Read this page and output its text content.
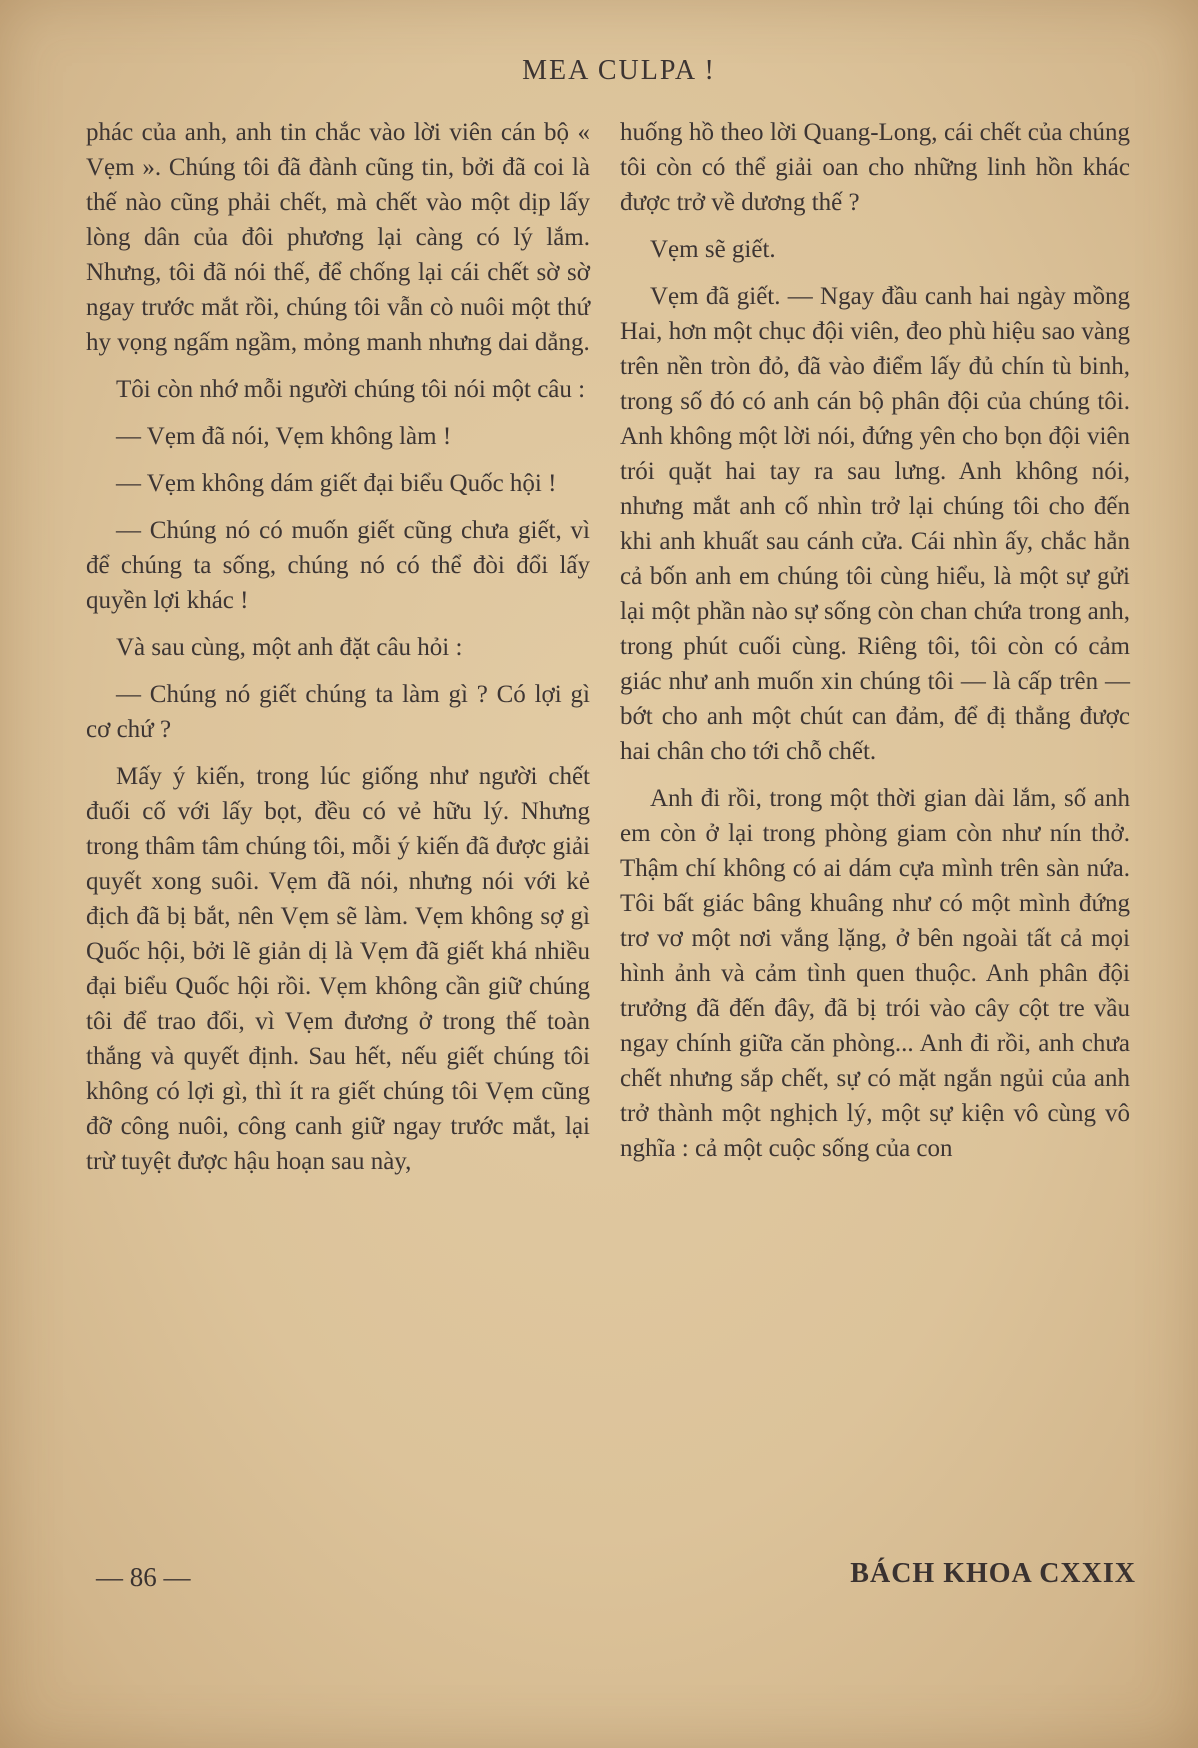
MEA CULPA !

phác của anh, anh tin chắc vào lời viên cán bộ « Vẹm ». Chúng tôi đã đành cũng tin, bởi đã coi là thế nào cũng phải chết, mà chết vào một dịp lấy lòng dân của đôi phương lại càng có lý lắm. Nhưng, tôi đã nói thế, để chống lại cái chết sờ sờ ngay trước mắt rồi, chúng tôi vẫn cò nuôi một thứ hy vọng ngấm ngầm, mỏng manh nhưng dai dẳng.

Tôi còn nhớ mỗi người chúng tôi nói một câu :

— Vẹm đã nói, Vẹm không làm !

— Vẹm không dám giết đại biểu Quốc hội !

— Chúng nó có muốn giết cũng chưa giết, vì để chúng ta sống, chúng nó có thể đòi đổi lấy quyền lợi khác !

Và sau cùng, một anh đặt câu hỏi :

— Chúng nó giết chúng ta làm gì ? Có lợi gì cơ chứ ?

Mấy ý kiến, trong lúc giống như người chết đuối cố với lấy bọt, đều có vẻ hữu lý. Nhưng trong thâm tâm chúng tôi, mỗi ý kiến đã được giải quyết xong suôi. Vẹm đã nói, nhưng nói với kẻ địch đã bị bắt, nên Vẹm sẽ làm. Vẹm không sợ gì Quốc hội, bởi lẽ giản dị là Vẹm đã giết khá nhiều đại biểu Quốc hội rồi. Vẹm không cần giữ chúng tôi để trao đổi, vì Vẹm đương ở trong thế toàn thắng và quyết định. Sau hết, nếu giết chúng tôi không có lợi gì, thì ít ra giết chúng tôi Vẹm cũng đỡ công nuôi, công canh giữ ngay trước mắt, lại trừ tuyệt được hậu hoạn sau này,

huống hồ theo lời Quang-Long, cái chết của chúng tôi còn có thể giải oan cho những linh hồn khác được trở về dương thế ?

Vẹm sẽ giết.

Vẹm đã giết. — Ngay đầu canh hai ngày mồng Hai, hơn một chục đội viên, đeo phù hiệu sao vàng trên nền tròn đỏ, đã vào điểm lấy đủ chín tù binh, trong số đó có anh cán bộ phân đội của chúng tôi. Anh không một lời nói, đứng yên cho bọn đội viên trói quặt hai tay ra sau lưng. Anh không nói, nhưng mắt anh cố nhìn trở lại chúng tôi cho đến khi anh khuất sau cánh cửa. Cái nhìn ấy, chắc hẳn cả bốn anh em chúng tôi cùng hiểu, là một sự gửi lại một phần nào sự sống còn chan chứa trong anh, trong phút cuối cùng. Riêng tôi, tôi còn có cảm giác như anh muốn xin chúng tôi — là cấp trên — bớt cho anh một chút can đảm, để đị thẳng được hai chân cho tới chỗ chết.

Anh đi rồi, trong một thời gian dài lắm, số anh em còn ở lại trong phòng giam còn như nín thở. Thậm chí không có ai dám cựa mình trên sàn nứa. Tôi bất giác bâng khuâng như có một mình đứng trơ vơ một nơi vắng lặng, ở bên ngoài tất cả mọi hình ảnh và cảm tình quen thuộc. Anh phân đội trưởng đã đến đây, đã bị trói vào cây cột tre vầu ngay chính giữa căn phòng... Anh đi rồi, anh chưa chết nhưng sắp chết, sự có mặt ngắn ngủi của anh trở thành một nghịch lý, một sự kiện vô cùng vô nghĩa : cả một cuộc sống của con

— 86 —	BÁCH KHOA CXXIX
